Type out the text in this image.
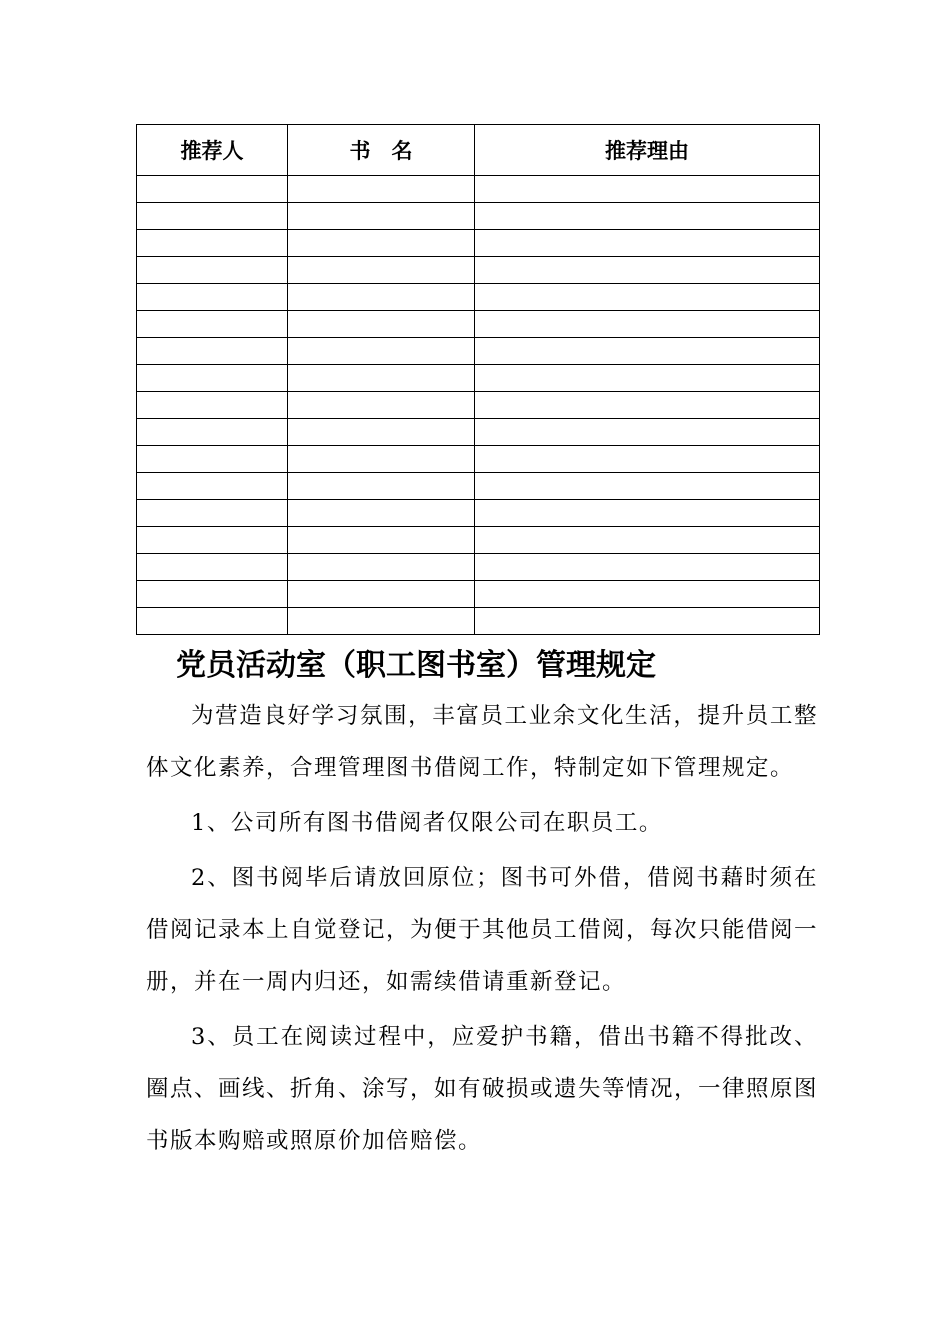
推荐人	书　名	推荐理由

党员活动室（职工图书室）管理规定

为营造良好学习氛围，丰富员工业余文化生活，提升员工整体文化素养，合理管理图书借阅工作，特制定如下管理规定。

1、公司所有图书借阅者仅限公司在职员工。

2、图书阅毕后请放回原位；图书可外借，借阅书藉时须在借阅记录本上自觉登记，为便于其他员工借阅，每次只能借阅一册，并在一周内归还，如需续借请重新登记。

3、员工在阅读过程中，应爱护书籍，借出书籍不得批改、圈点、画线、折角、涂写，如有破损或遗失等情况，一律照原图书版本购赔或照原价加倍赔偿。
